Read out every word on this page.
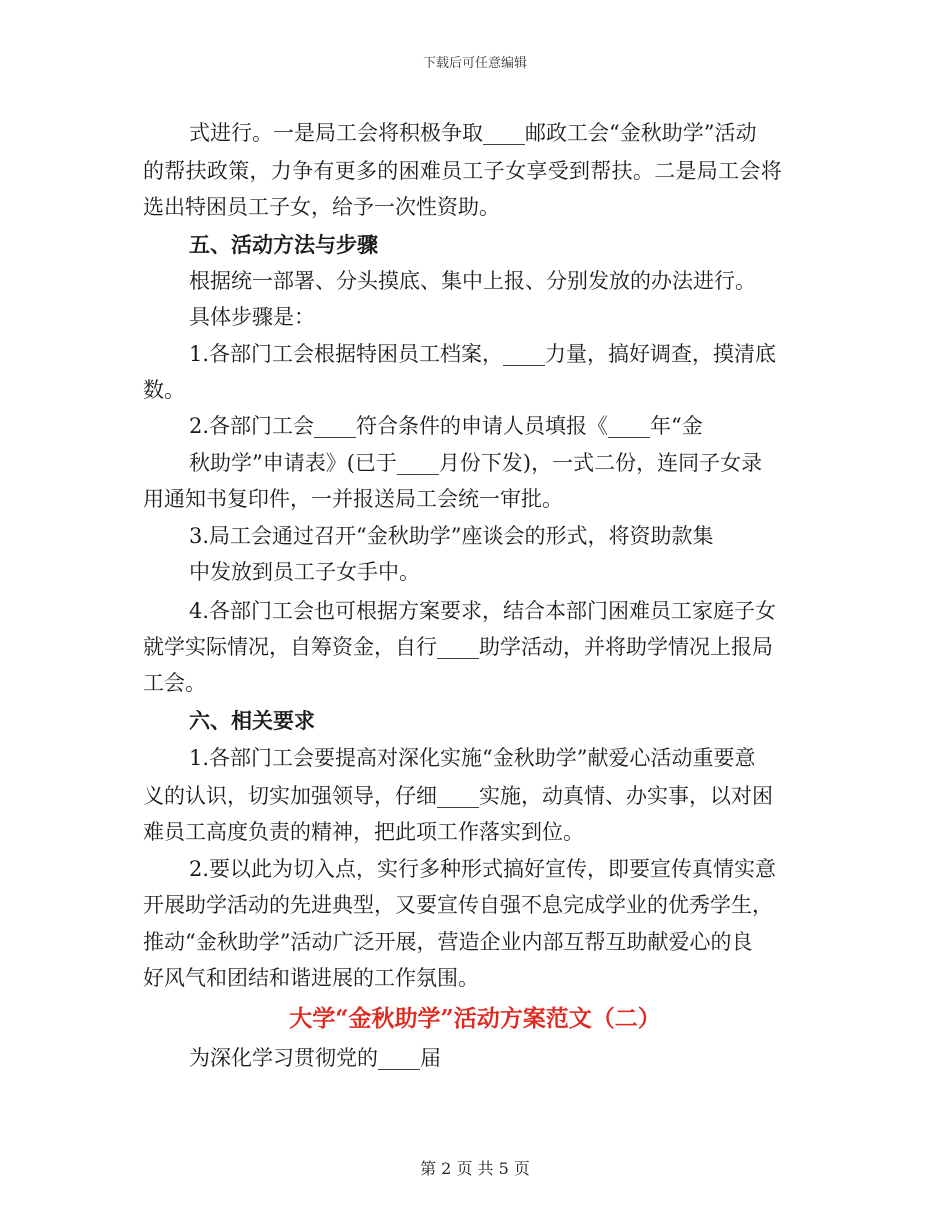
下载后可任意编辑
式进行。一是局工会将积极争取____邮政工会“金秋助学”活动
的帮扶政策，力争有更多的困难员工子女享受到帮扶。二是局工会将
选出特困员工子女，给予一次性资助。
五、活动方法与步骤
根据统一部署、分头摸底、集中上报、分别发放的办法进行。
具体步骤是：
1.各部门工会根据特困员工档案，____力量，搞好调查，摸清底
数。
2.各部门工会____符合条件的申请人员填报《____年“金
秋助学”申请表》(已于____月份下发)，一式二份，连同子女录
用通知书复印件，一并报送局工会统一审批。
3.局工会通过召开“金秋助学”座谈会的形式，将资助款集
中发放到员工子女手中。
4.各部门工会也可根据方案要求，结合本部门困难员工家庭子女
就学实际情况，自筹资金，自行____助学活动，并将助学情况上报局
工会。
六、相关要求
1.各部门工会要提高对深化实施“金秋助学”献爱心活动重要意
义的认识，切实加强领导，仔细____实施，动真情、办实事，以对困
难员工高度负责的精神，把此项工作落实到位。
2.要以此为切入点，实行多种形式搞好宣传，即要宣传真情实意
开展助学活动的先进典型，又要宣传自强不息完成学业的优秀学生，
推动“金秋助学”活动广泛开展，营造企业内部互帮互助献爱心的良
好风气和团结和谐进展的工作氛围。
大学“金秋助学”活动方案范文（二）
为深化学习贯彻党的____届
第 2 页 共 5 页
